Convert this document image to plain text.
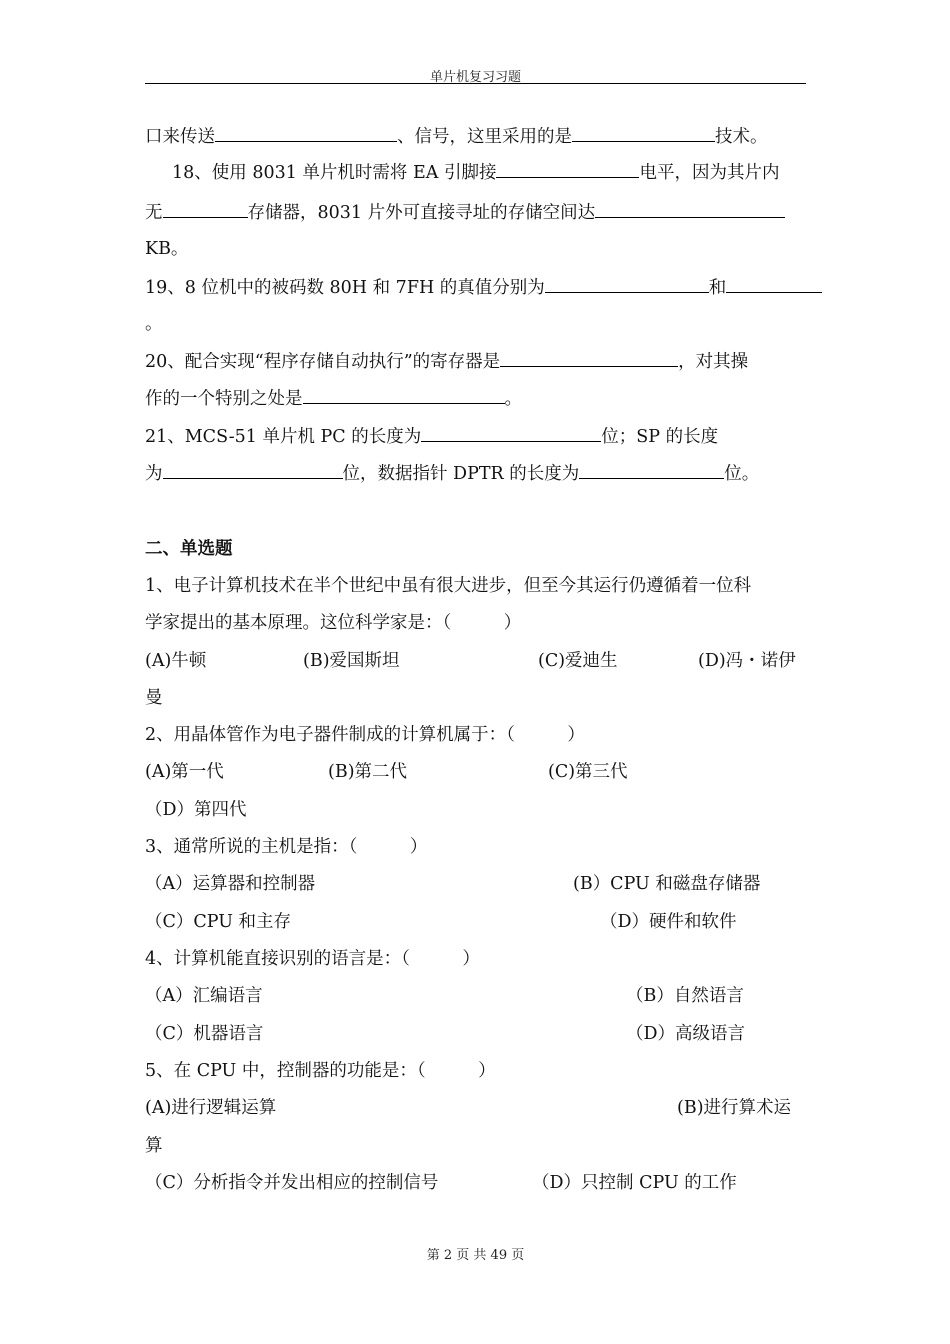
单片机复习习题
口来传送	、信号，这里采用的是	技术。
18、使用 8031 单片机时需将 EA 引脚接	电平，因为其片内
无	存储器，8031 片外可直接寻址的存储空间达
KB。
19、8 位机中的被码数 80H 和 7FH 的真值分别为	和
。
20、配合实现“程序存储自动执行”的寄存器是	，对其操
作的一个特别之处是	。
21、MCS-51 单片机 PC 的长度为	位；SP 的长度
为	位，数据指针 DPTR 的长度为	位。
二、单选题
1、电子计算机技术在半个世纪中虽有很大进步，但至今其运行仍遵循着一位科
学家提出的基本原理。这位科学家是：（　　　）
(A)牛顿	(B)爱国斯坦	(C)爱迪生	(D)冯・诺伊
曼
2、用晶体管作为电子器件制成的计算机属于：（　　　）
(A)第一代	(B)第二代	(C)第三代
（D）第四代
3、通常所说的主机是指：（　　　）
（A）运算器和控制器	(B）CPU 和磁盘存储器
（C）CPU 和主存	（D）硬件和软件
4、计算机能直接识别的语言是：（　　　）
（A）汇编语言	（B）自然语言
（C）机器语言	（D）高级语言
5、在 CPU 中，控制器的功能是：（　　　）
(A)进行逻辑运算	(B)进行算术运
算
（C）分析指令并发出相应的控制信号	（D）只控制 CPU 的工作
第 2 页 共 49 页
